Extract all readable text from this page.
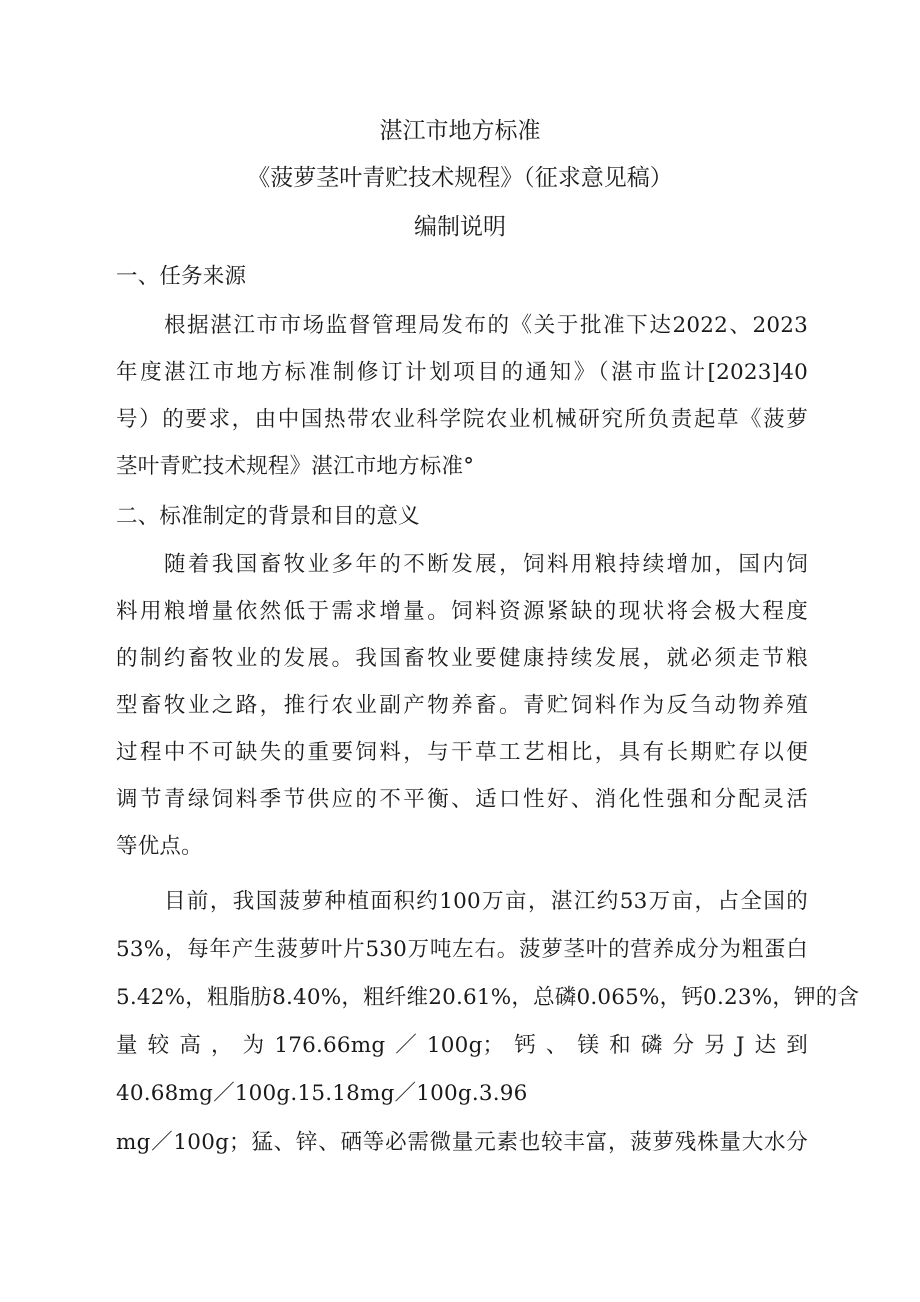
湛江市地方标准
《菠萝茎叶青贮技术规程》（征求意见稿）
编制说明
一、任务来源
根据湛江市市场监督管理局发布的《关于批准下达2022、2023
年度湛江市地方标准制修订计划项目的通知》（湛市监计[2023]40
号）的要求，由中国热带农业科学院农业机械研究所负责起草《菠萝
茎叶青贮技术规程》湛江市地方标准°
二、标准制定的背景和目的意义
随着我国畜牧业多年的不断发展，饲料用粮持续增加，国内饲
料用粮增量依然低于需求增量。饲料资源紧缺的现状将会极大程度
的制约畜牧业的发展。我国畜牧业要健康持续发展，就必须走节粮
型畜牧业之路，推行农业副产物养畜。青贮饲料作为反刍动物养殖
过程中不可缺失的重要饲料，与干草工艺相比，具有长期贮存以便
调节青绿饲料季节供应的不平衡、适口性好、消化性强和分配灵活
等优点。
目前，我国菠萝种植面积约100万亩，湛江约53万亩，占全国的
53%，每年产生菠萝叶片530万吨左右。菠萝茎叶的营养成分为粗蛋白
5.42%，粗脂肪8.40%，粗纤维20.61%，总磷0.065%，钙0.23%，钾的含
量较高，为176.66mg／100g；钙、镁和磷分另J达到
40.68mg／100g.15.18mg／100g.3.96
mg／100g；猛、锌、硒等必需微量元素也较丰富，菠萝残株量大水分
